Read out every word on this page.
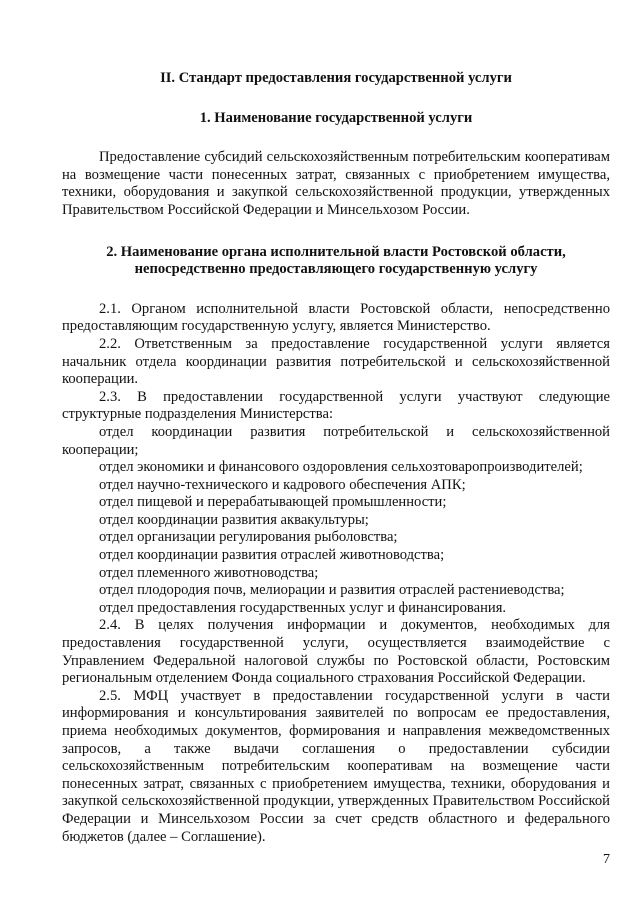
II. Стандарт предоставления государственной услуги
1. Наименование государственной услуги

Предоставление субсидий сельскохозяйственным потребительским кооперативам на возмещение части понесенных затрат, связанных с приобретением имущества, техники, оборудования и закупкой сельскохозяйственной продукции, утвержденных Правительством Российской Федерации и Минсельхозом России.

2. Наименование органа исполнительной власти Ростовской области,
непосредственно предоставляющего государственную услугу

2.1. Органом исполнительной власти Ростовской области, непосредственно предоставляющим государственную услугу, является Министерство.

2.2. Ответственным за предоставление государственной услуги является начальник отдела координации развития потребительской и сельскохозяйственной кооперации.

2.3. В предоставлении государственной услуги участвуют следующие структурные подразделения Министерства:

отдел координации развития потребительской и сельскохозяйственной кооперации;

отдел экономики и финансового оздоровления сельхозтоваропроизводителей;

отдел научно-технического и кадрового обеспечения АПК;

отдел пищевой и перерабатывающей промышленности;

отдел координации развития аквакультуры;

отдел организации регулирования рыболовства;

отдел координации развития отраслей животноводства;

отдел племенного животноводства;

отдел плодородия почв, мелиорации и развития отраслей растениеводства;

отдел предоставления государственных услуг и финансирования.

2.4. В целях получения информации и документов, необходимых для предоставления государственной услуги, осуществляется взаимодействие с Управлением Федеральной налоговой службы по Ростовской области, Ростовским региональным отделением Фонда социального страхования Российской Федерации.

2.5. МФЦ участвует в предоставлении государственной услуги в части информирования и консультирования заявителей по вопросам ее предоставления, приема необходимых документов, формирования и направления межведомственных запросов, а также выдачи соглашения о предоставлении субсидии сельскохозяйственным потребительским кооперативам на возмещение части понесенных затрат, связанных с приобретением имущества, техники, оборудования и закупкой сельскохозяйственной продукции, утвержденных Правительством Российской Федерации и Минсельхозом России за счет средств областного и федерального бюджетов (далее – Соглашение).

7
